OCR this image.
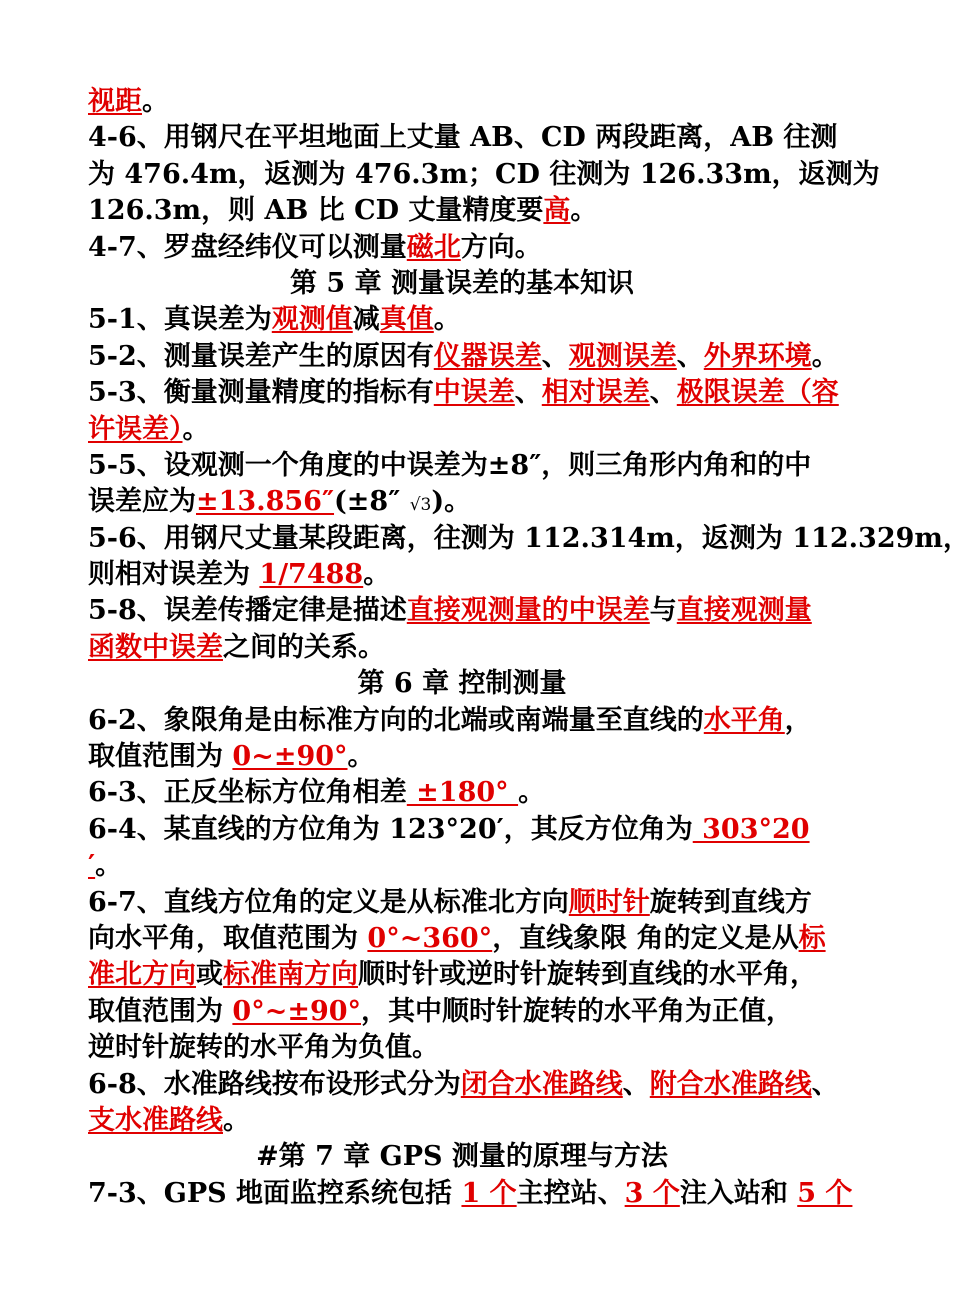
视距。
4-6、用钢尺在平坦地面上丈量 AB、CD 两段距离，AB 往测
为 476.4m，返测为 476.3m；CD 往测为 126.33m，返测为
126.3m，则 AB 比 CD 丈量精度要高。
4-7、罗盘经纬仪可以测量磁北方向。
第 5 章 测量误差的基本知识
5-1、真误差为观测值减真值。
5-2、测量误差产生的原因有仪器误差、观测误差、外界环境。
5-3、衡量测量精度的指标有中误差、相对误差、极限误差（容
许误差）。
5-5、设观测一个角度的中误差为±8″，则三角形内角和的中
误差应为±13.856″(±8″ √3)。
5-6、用钢尺丈量某段距离，往测为 112.314m，返测为 112.329m，
则相对误差为 1/7488。
5-8、误差传播定律是描述直接观测量的中误差与直接观测量
函数中误差之间的关系。
第 6 章 控制测量
6-2、象限角是由标准方向的北端或南端量至直线的水平角，
取值范围为 0~±90°。
6-3、正反坐标方位角相差 ±180° 。
6-4、某直线的方位角为 123°20′，其反方位角为 303°20
′。
6-7、直线方位角的定义是从标准北方向顺时针旋转到直线方
向水平角，取值范围为 0°~360°，直线象限 角的定义是从标
准北方向或标准南方向顺时针或逆时针旋转到直线的水平角，
取值范围为 0°~±90°，其中顺时针旋转的水平角为正值，
逆时针旋转的水平角为负值。
6-8、水准路线按布设形式分为闭合水准路线、附合水准路线、
支水准路线。
#第 7 章 GPS 测量的原理与方法
7-3、GPS 地面监控系统包括 1 个主控站、3 个注入站和 5 个
